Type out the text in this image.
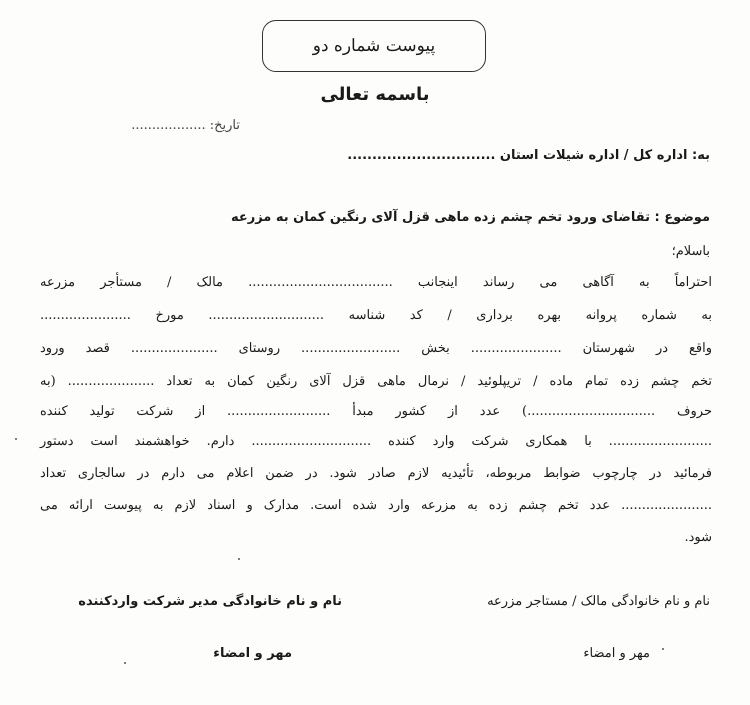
پیوست شماره دو
باسمه تعالی
تاریخ: ..................
به: اداره کل / اداره شیلات استان ..............................
موضوع : تقاضای ورود تخم چشم زده ماهی قزل آلای رنگین کمان به مزرعه
باسلام؛
احتراماً به آگاهی می رساند اینجانب ................................... مالک / مستأجر مزرعه
به شماره پروانه بهره برداری / کد شناسه ............................ مورخ ......................
واقع در شهرستان ...................... بخش ........................ روستای ..................... قصد ورود
تخم چشم زده تمام ماده / تریپلوئید / نرمال ماهی قزل آلای رنگین کمان به تعداد ..................... (به
حروف ...............................) عدد از کشور مبدأ ......................... از شرکت تولید کننده
......................... با همکاری شرکت وارد کننده ............................. دارم. خواهشمند است دستور
فرمائید در چارچوب ضوابط مربوطه، تأئیدیه لازم صادر شود. در ضمن اعلام می دارم در سالجاری تعداد
...................... عدد تخم چشم زده به مزرعه وارد شده است. مدارک و اسناد لازم به پیوست ارائه می
شود.
نام و نام خانوادگی مالک / مستاجر مزرعه
نام و نام خانوادگی مدیر شرکت واردکننده
مهر و امضاء
مهر و امضاء
